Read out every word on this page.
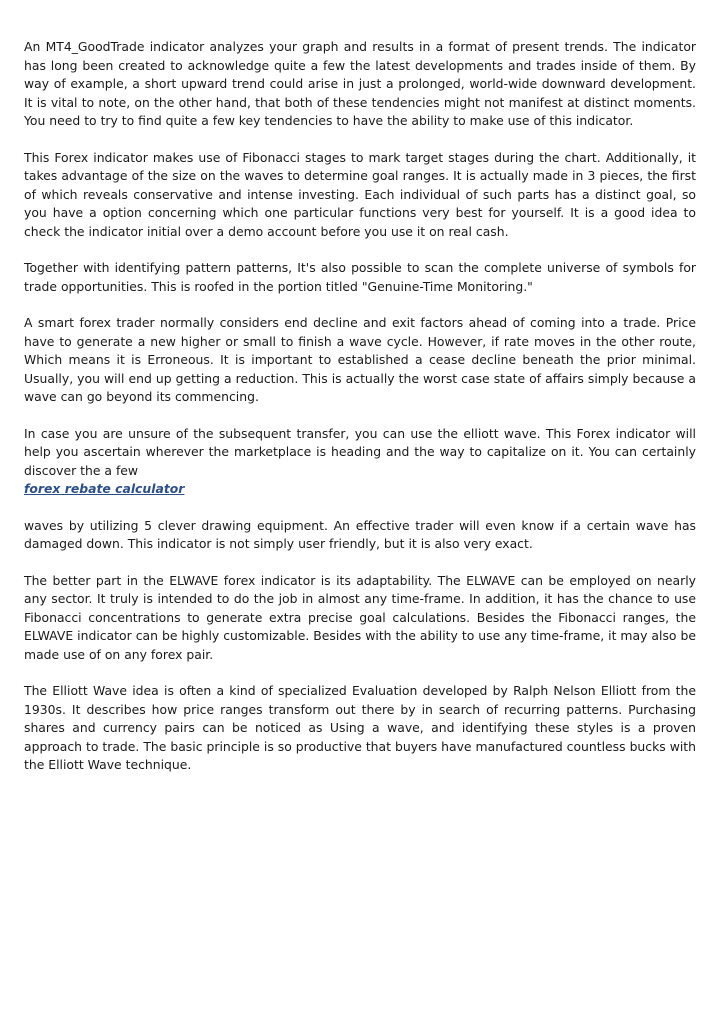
An MT4_GoodTrade indicator analyzes your graph and results in a format of present trends. The indicator has long been created to acknowledge quite a few the latest developments and trades inside of them. By way of example, a short upward trend could arise in just a prolonged, world-wide downward development. It is vital to note, on the other hand, that both of these tendencies might not manifest at distinct moments. You need to try to find quite a few key tendencies to have the ability to make use of this indicator.

This Forex indicator makes use of Fibonacci stages to mark target stages during the chart. Additionally, it takes advantage of the size on the waves to determine goal ranges. It is actually made in 3 pieces, the first of which reveals conservative and intense investing. Each individual of such parts has a distinct goal, so you have a option concerning which one particular functions very best for yourself. It is a good idea to check the indicator initial over a demo account before you use it on real cash.

Together with identifying pattern patterns, It's also possible to scan the complete universe of symbols for trade opportunities. This is roofed in the portion titled "Genuine-Time Monitoring."

A smart forex trader normally considers end decline and exit factors ahead of coming into a trade. Price have to generate a new higher or small to finish a wave cycle. However, if rate moves in the other route, Which means it is Erroneous. It is important to established a cease decline beneath the prior minimal. Usually, you will end up getting a reduction. This is actually the worst case state of affairs simply because a wave can go beyond its commencing.

In case you are unsure of the subsequent transfer, you can use the elliott wave. This Forex indicator will help you ascertain wherever the marketplace is heading and the way to capitalize on it. You can certainly discover the a few

forex rebate calculator

waves by utilizing 5 clever drawing equipment. An effective trader will even know if a certain wave has damaged down. This indicator is not simply user friendly, but it is also very exact.

The better part in the ELWAVE forex indicator is its adaptability. The ELWAVE can be employed on nearly any sector. It truly is intended to do the job in almost any time-frame. In addition, it has the chance to use Fibonacci concentrations to generate extra precise goal calculations. Besides the Fibonacci ranges, the ELWAVE indicator can be highly customizable. Besides with the ability to use any time-frame, it may also be made use of on any forex pair.

The Elliott Wave idea is often a kind of specialized Evaluation developed by Ralph Nelson Elliott from the 1930s. It describes how price ranges transform out there by in search of recurring patterns. Purchasing shares and currency pairs can be noticed as Using a wave, and identifying these styles is a proven approach to trade. The basic principle is so productive that buyers have manufactured countless bucks with the Elliott Wave technique.
